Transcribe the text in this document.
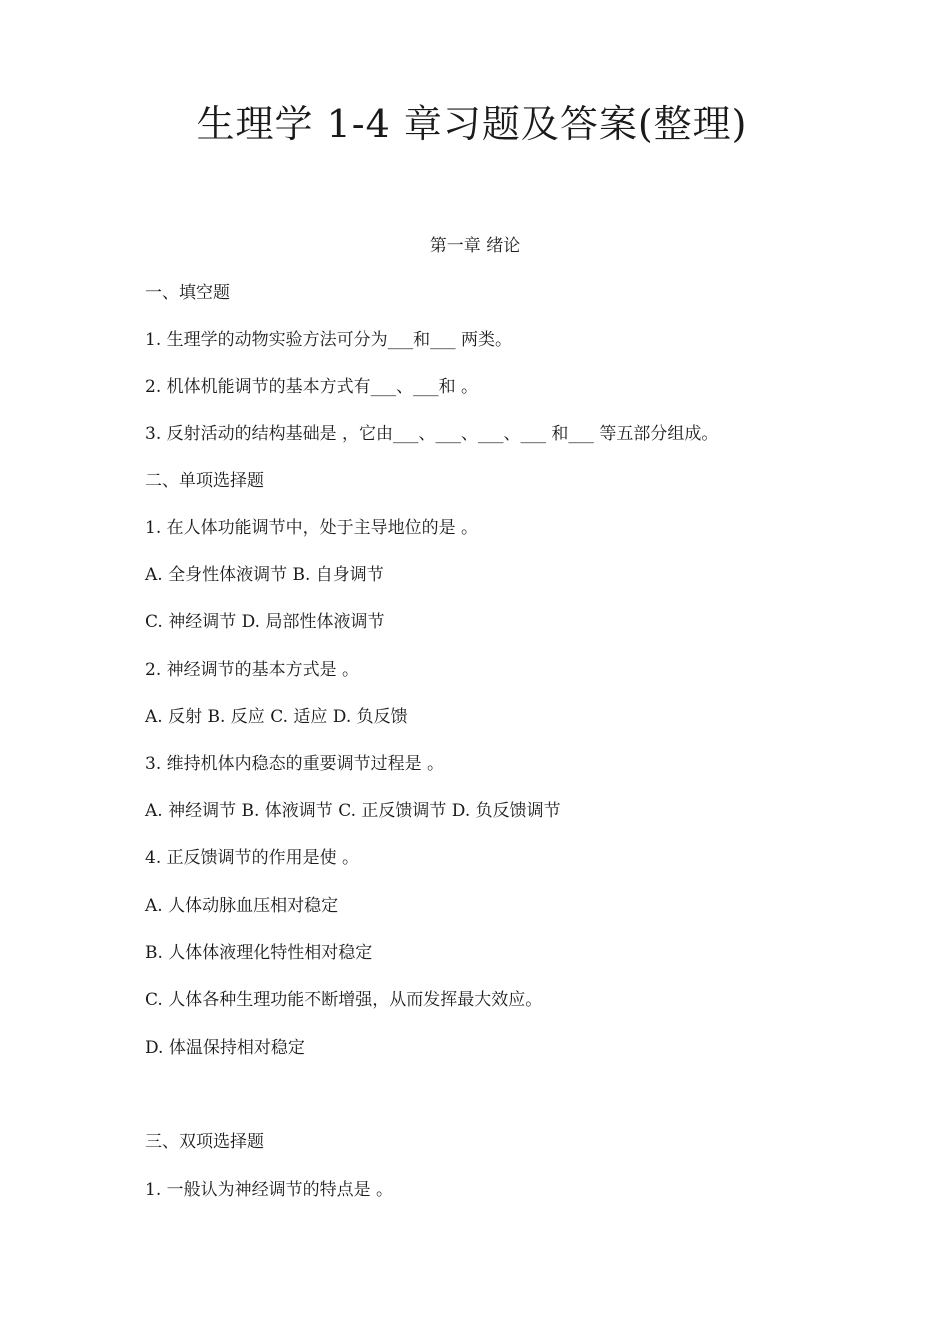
生理学 1-4 章习题及答案(整理)
第一章 绪论
一、填空题
1. 生理学的动物实验方法可分为___和___ 两类。
2. 机体机能调节的基本方式有___、___和 。
3. 反射活动的结构基础是 ，它由___、___、___、___ 和___ 等五部分组成。
二、单项选择题
1. 在人体功能调节中，处于主导地位的是 。
A. 全身性体液调节 B. 自身调节
C. 神经调节 D. 局部性体液调节
2. 神经调节的基本方式是 。
A. 反射 B. 反应 C. 适应 D. 负反馈
3. 维持机体内稳态的重要调节过程是 。
A. 神经调节 B. 体液调节 C. 正反馈调节 D. 负反馈调节
4. 正反馈调节的作用是使 。
A. 人体动脉血压相对稳定
B. 人体体液理化特性相对稳定
C. 人体各种生理功能不断增强，从而发挥最大效应。
D. 体温保持相对稳定
三、双项选择题
1. 一般认为神经调节的特点是 。
